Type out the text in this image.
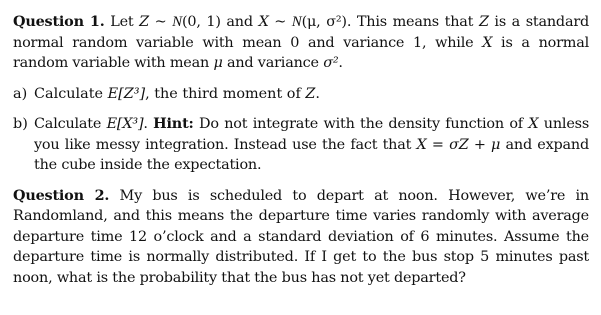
Question 1. Let Z ~ N(0, 1) and X ~ N(μ, σ²). This means that Z is a standard normal random variable with mean 0 and variance 1, while X is a normal random variable with mean μ and variance σ².
a) Calculate E[Z³], the third moment of Z.
b) Calculate E[X³]. Hint: Do not integrate with the density function of X unless you like messy integration. Instead use the fact that X = σZ + μ and expand the cube inside the expectation.
Question 2. My bus is scheduled to depart at noon. However, we’re in Randomland, and this means the departure time varies randomly with average departure time 12 o’clock and a standard deviation of 6 minutes. Assume the departure time is normally distributed. If I get to the bus stop 5 minutes past noon, what is the probability that the bus has not yet departed?
